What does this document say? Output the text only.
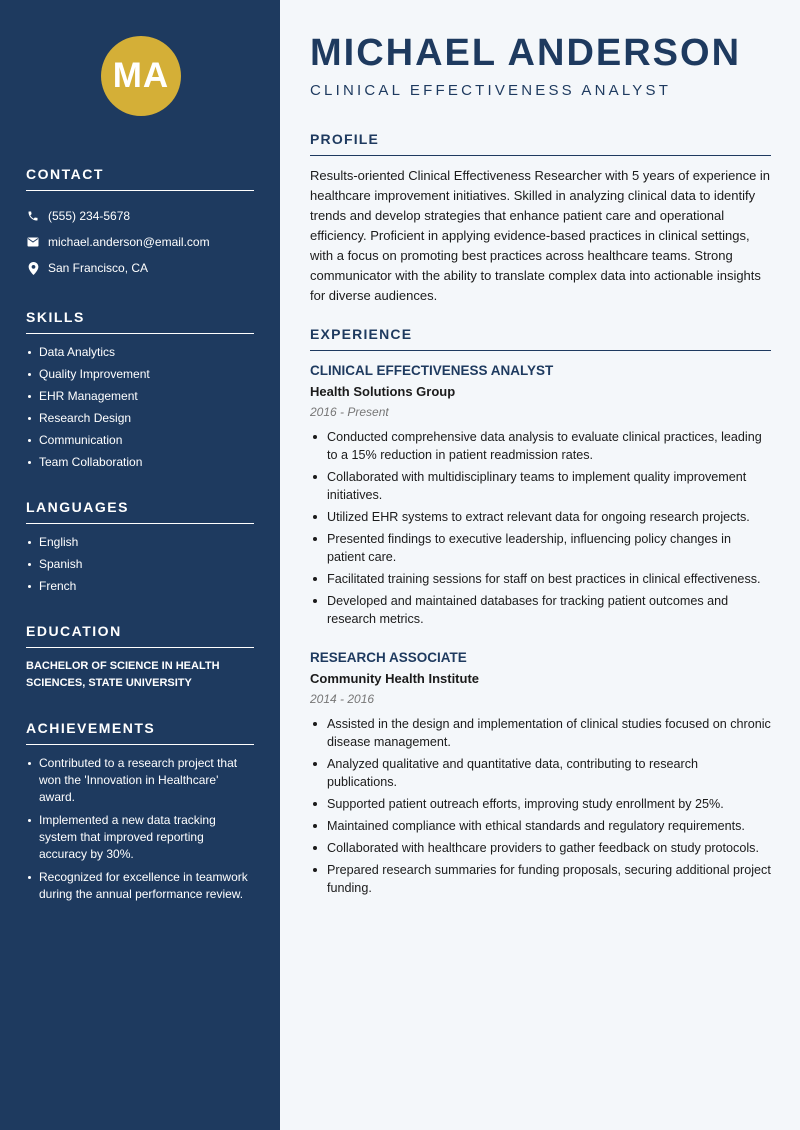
MA
CONTACT
(555) 234-5678
michael.anderson@email.com
San Francisco, CA
SKILLS
Data Analytics
Quality Improvement
EHR Management
Research Design
Communication
Team Collaboration
LANGUAGES
English
Spanish
French
EDUCATION
BACHELOR OF SCIENCE IN HEALTH SCIENCES, STATE UNIVERSITY
ACHIEVEMENTS
Contributed to a research project that won the 'Innovation in Healthcare' award.
Implemented a new data tracking system that improved reporting accuracy by 30%.
Recognized for excellence in teamwork during the annual performance review.
MICHAEL ANDERSON
CLINICAL EFFECTIVENESS ANALYST
PROFILE

Results-oriented Clinical Effectiveness Researcher with 5 years of experience in healthcare improvement initiatives. Skilled in analyzing clinical data to identify trends and develop strategies that enhance patient care and operational efficiency. Proficient in applying evidence-based practices in clinical settings, with a focus on promoting best practices across healthcare teams. Strong communicator with the ability to translate complex data into actionable insights for diverse audiences.

EXPERIENCE
CLINICAL EFFECTIVENESS ANALYST
Health Solutions Group
2016 - Present
Conducted comprehensive data analysis to evaluate clinical practices, leading to a 15% reduction in patient readmission rates.
Collaborated with multidisciplinary teams to implement quality improvement initiatives.
Utilized EHR systems to extract relevant data for ongoing research projects.
Presented findings to executive leadership, influencing policy changes in patient care.
Facilitated training sessions for staff on best practices in clinical effectiveness.
Developed and maintained databases for tracking patient outcomes and research metrics.
RESEARCH ASSOCIATE
Community Health Institute
2014 - 2016
Assisted in the design and implementation of clinical studies focused on chronic disease management.
Analyzed qualitative and quantitative data, contributing to research publications.
Supported patient outreach efforts, improving study enrollment by 25%.
Maintained compliance with ethical standards and regulatory requirements.
Collaborated with healthcare providers to gather feedback on study protocols.
Prepared research summaries for funding proposals, securing additional project funding.
